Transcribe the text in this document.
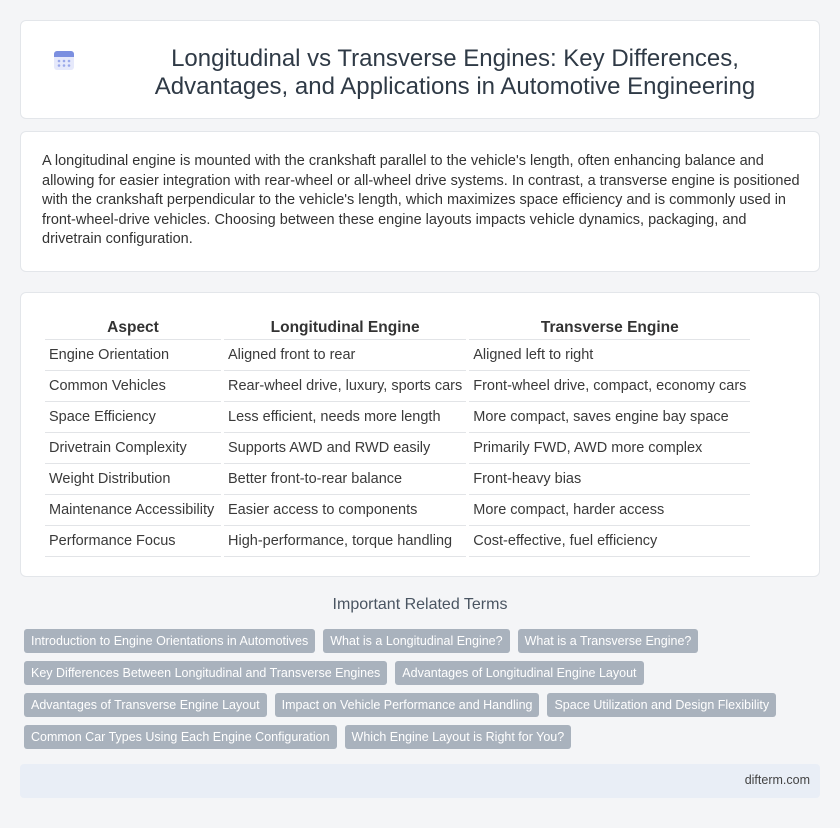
Longitudinal vs Transverse Engines: Key Differences, Advantages, and Applications in Automotive Engineering

A longitudinal engine is mounted with the crankshaft parallel to the vehicle's length, often enhancing balance and allowing for easier integration with rear-wheel or all-wheel drive systems. In contrast, a transverse engine is positioned with the crankshaft perpendicular to the vehicle's length, which maximizes space efficiency and is commonly used in front-wheel-drive vehicles. Choosing between these engine layouts impacts vehicle dynamics, packaging, and drivetrain configuration.

Aspect	Longitudinal Engine	Transverse Engine
Engine Orientation	Aligned front to rear	Aligned left to right
Common Vehicles	Rear-wheel drive, luxury, sports cars	Front-wheel drive, compact, economy cars
Space Efficiency	Less efficient, needs more length	More compact, saves engine bay space
Drivetrain Complexity	Supports AWD and RWD easily	Primarily FWD, AWD more complex
Weight Distribution	Better front-to-rear balance	Front-heavy bias
Maintenance Accessibility	Easier access to components	More compact, harder access
Performance Focus	High-performance, torque handling	Cost-effective, fuel efficiency
Important Related Terms
Introduction to Engine Orientations in Automotives	What is a Longitudinal Engine?	What is a Transverse Engine?
Key Differences Between Longitudinal and Transverse Engines	Advantages of Longitudinal Engine Layout
Advantages of Transverse Engine Layout	Impact on Vehicle Performance and Handling	Space Utilization and Design Flexibility
Common Car Types Using Each Engine Configuration	Which Engine Layout is Right for You?
difterm.com
